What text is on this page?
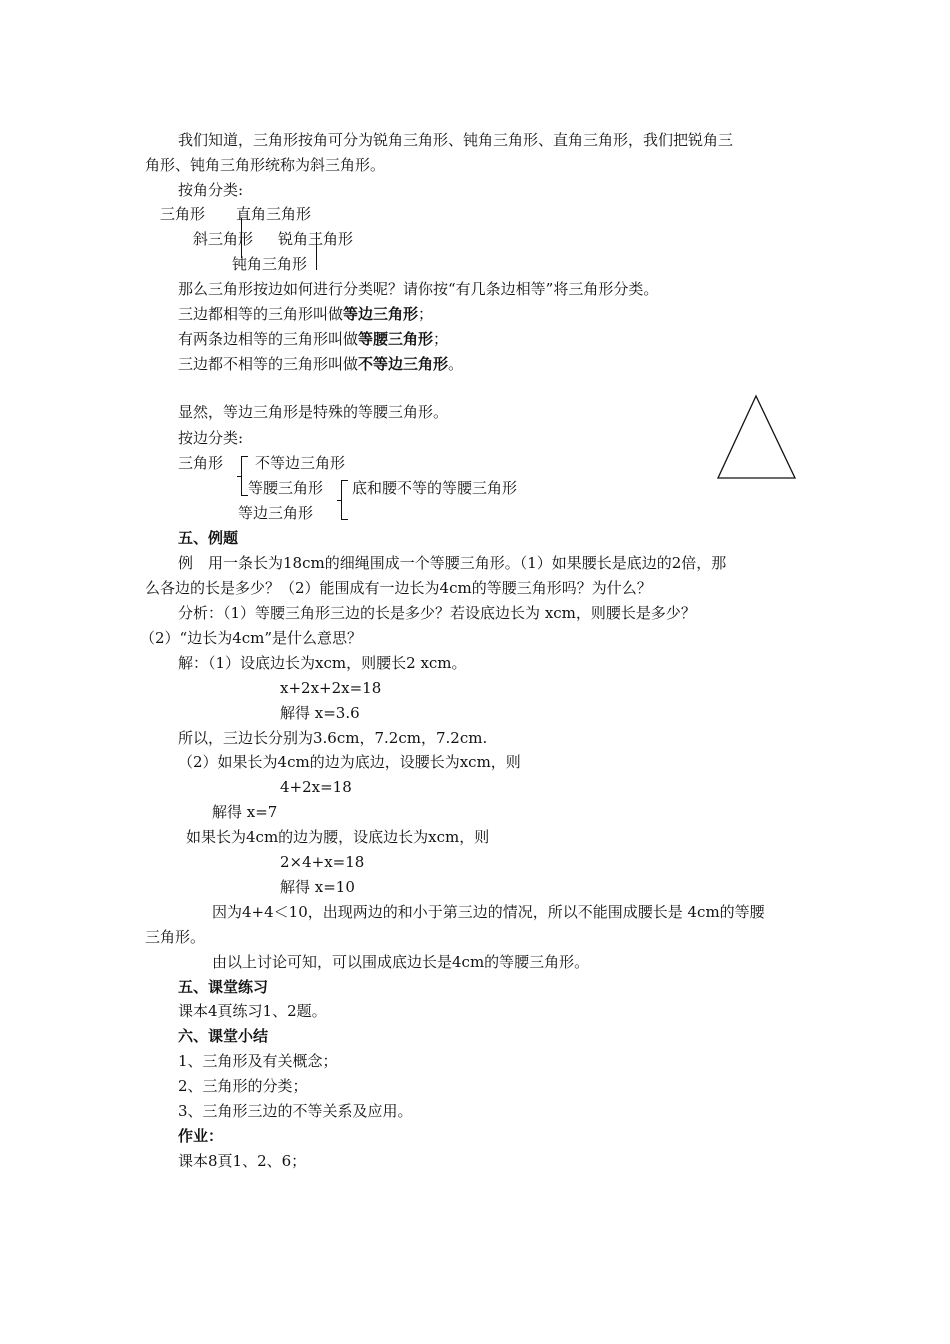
我们知道，三角形按角可分为锐角三角形、钝角三角形、直角三角形，我们把锐角三
角形、钝角三角形统称为斜三角形。
按角分类:
三角形 直角三角形
斜三角形 锐角三角形
钝角三角形
那么三角形按边如何进行分类呢？请你按“有几条边相等”将三角形分类。
三边都相等的三角形叫做等边三角形；
有两条边相等的三角形叫做等腰三角形；
三边都不相等的三角形叫做不等边三角形。
显然，等边三角形是特殊的等腰三角形。
按边分类:
三角形 不等边三角形
等腰三角形 底和腰不等的等腰三角形
等边三角形
五、例题
例　用一条长为18cm的细绳围成一个等腰三角形。（1）如果腰长是底边的2倍，那
么各边的长是多少？（2）能围成有一边长为4cm的等腰三角形吗？为什么？
分析：（1）等腰三角形三边的长是多少？若设底边长为 xcm，则腰长是多少？
（2）“边长为4cm”是什么意思？
解：（1）设底边长为xcm，则腰长2 xcm。
x+2x+2x=18
解得 x=3.6
所以，三边长分别为3.6cm，7.2cm，7.2cm.
（2）如果长为4cm的边为底边，设腰长为xcm，则
4+2x=18
解得 x=7
如果长为4cm的边为腰，设底边长为xcm，则
2×4+x=18
解得 x=10
因为4+4＜10，出现两边的和小于第三边的情况，所以不能围成腰长是 4cm的等腰
三角形。
由以上讨论可知，可以围成底边长是4cm的等腰三角形。
五、课堂练习
课本4頁练习1、2题。
六、课堂小结
1、三角形及有关概念；
2、三角形的分类；
3、三角形三边的不等关系及应用。
作业：
课本8頁1、2、6；
